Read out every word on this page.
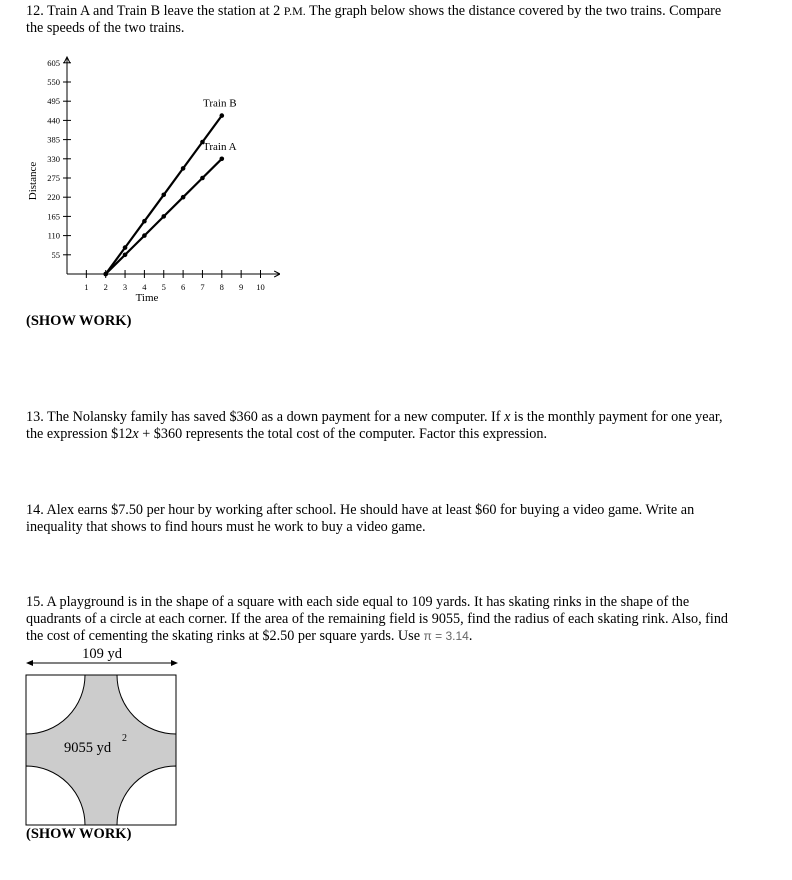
12. Train A and Train B leave the station at 2 P.M. The graph below shows the distance covered by the two trains. Compare
the speeds of the two trains.
55
110
165
220
275
330
385
440
495
550
605
1 2 3 4 5 6 7 8 9 10
Train B
Train A
Distance
Time
(SHOW WORK)
13. The Nolansky family has saved $360 as a down payment for a new computer. If x is the monthly payment for one year,
the expression $12x + $360 represents the total cost of the computer. Factor this expression.
14. Alex earns $7.50 per hour by working after school. He should have at least $60 for buying a video game. Write an
inequality that shows to find hours must he work to buy a video game.
15. A playground is in the shape of a square with each side equal to 109 yards. It has skating rinks in the shape of the
quadrants of a circle at each corner. If the area of the remaining field is 9055, find the radius of each skating rink. Also, find
the cost of cementing the skating rinks at $2.50 per square yards. Use π = 3.14.
109 yd
9055 yd
2
(SHOW WORK)
